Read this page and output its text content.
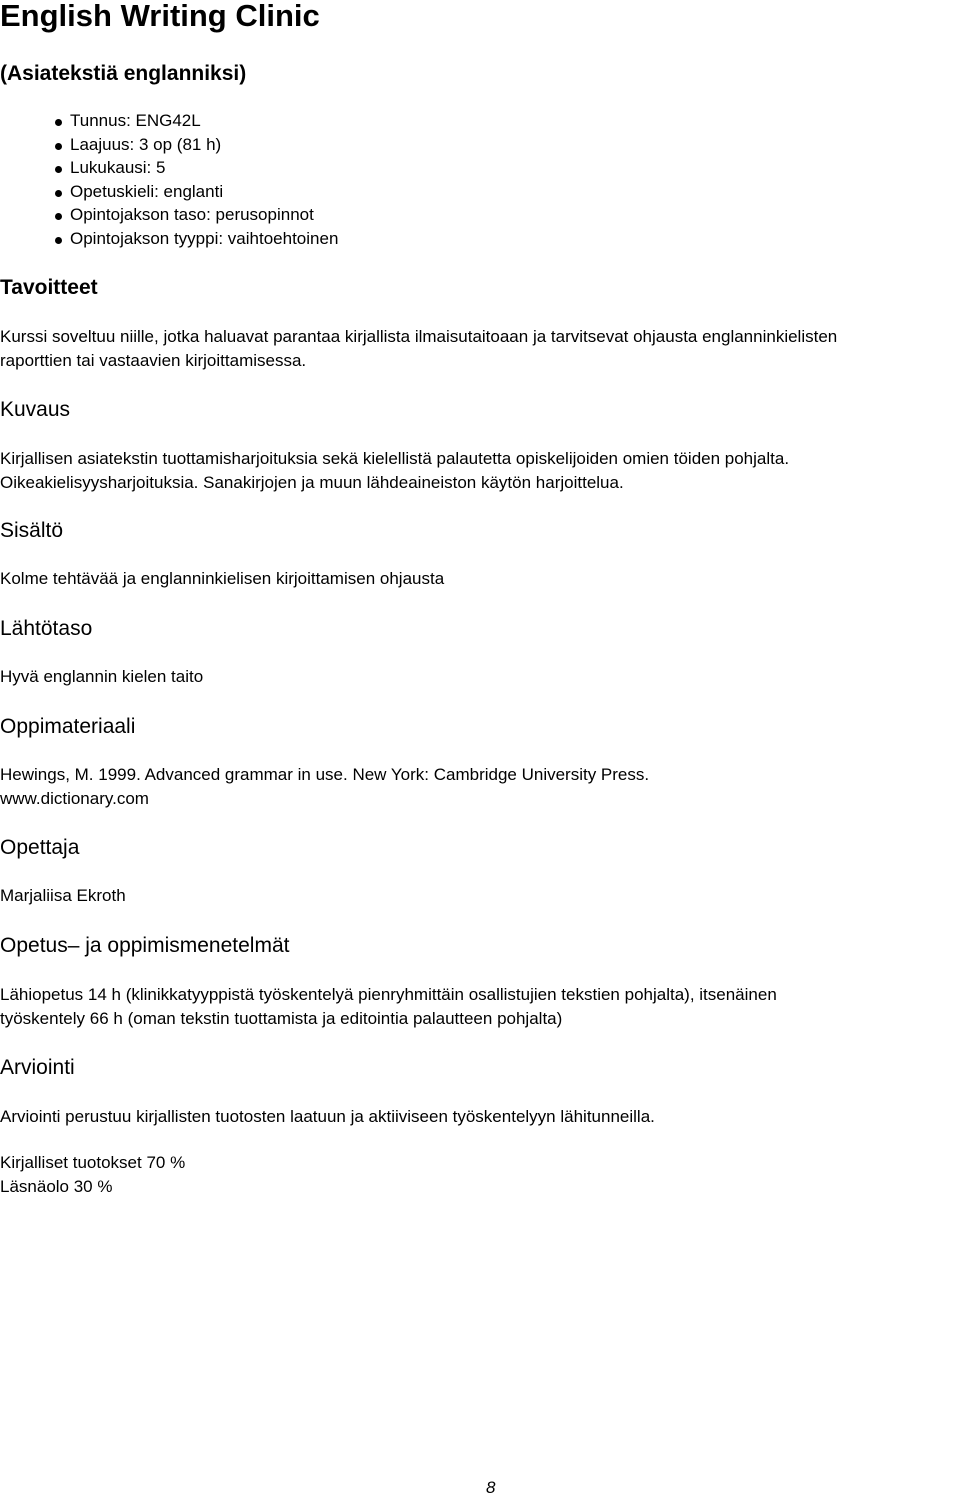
English Writing Clinic
(Asiatekstiä englanniksi)
Tunnus: ENG42L
Laajuus: 3 op (81 h)
Lukukausi: 5
Opetuskieli: englanti
Opintojakson taso: perusopinnot
Opintojakson tyyppi: vaihtoehtoinen
Tavoitteet

Kurssi soveltuu niille, jotka haluavat parantaa kirjallista ilmaisutaitoaan ja tarvitsevat ohjausta englanninkielisten

raporttien tai vastaavien kirjoittamisessa.

Kuvaus

Kirjallisen asiatekstin tuottamisharjoituksia sekä kielellistä palautetta opiskelijoiden omien töiden pohjalta.

Oikeakielisyysharjoituksia. Sanakirjojen ja muun lähdeaineiston käytön harjoittelua.

Sisältö

Kolme tehtävää ja englanninkielisen kirjoittamisen ohjausta

Lähtötaso

Hyvä englannin kielen taito

Oppimateriaali

Hewings, M. 1999. Advanced grammar in use. New York: Cambridge University Press.

www.dictionary.com

Opettaja

Marjaliisa Ekroth

Opetus– ja oppimismenetelmät

Lähiopetus 14 h (klinikkatyyppistä työskentelyä pienryhmittäin osallistujien tekstien pohjalta), itsenäinen

työskentely 66 h (oman tekstin tuottamista ja editointia palautteen pohjalta)

Arviointi

Arviointi perustuu kirjallisten tuotosten laatuun ja aktiiviseen työskentelyyn lähitunneilla.

Kirjalliset tuotokset 70 %

Läsnäolo 30 %

8
